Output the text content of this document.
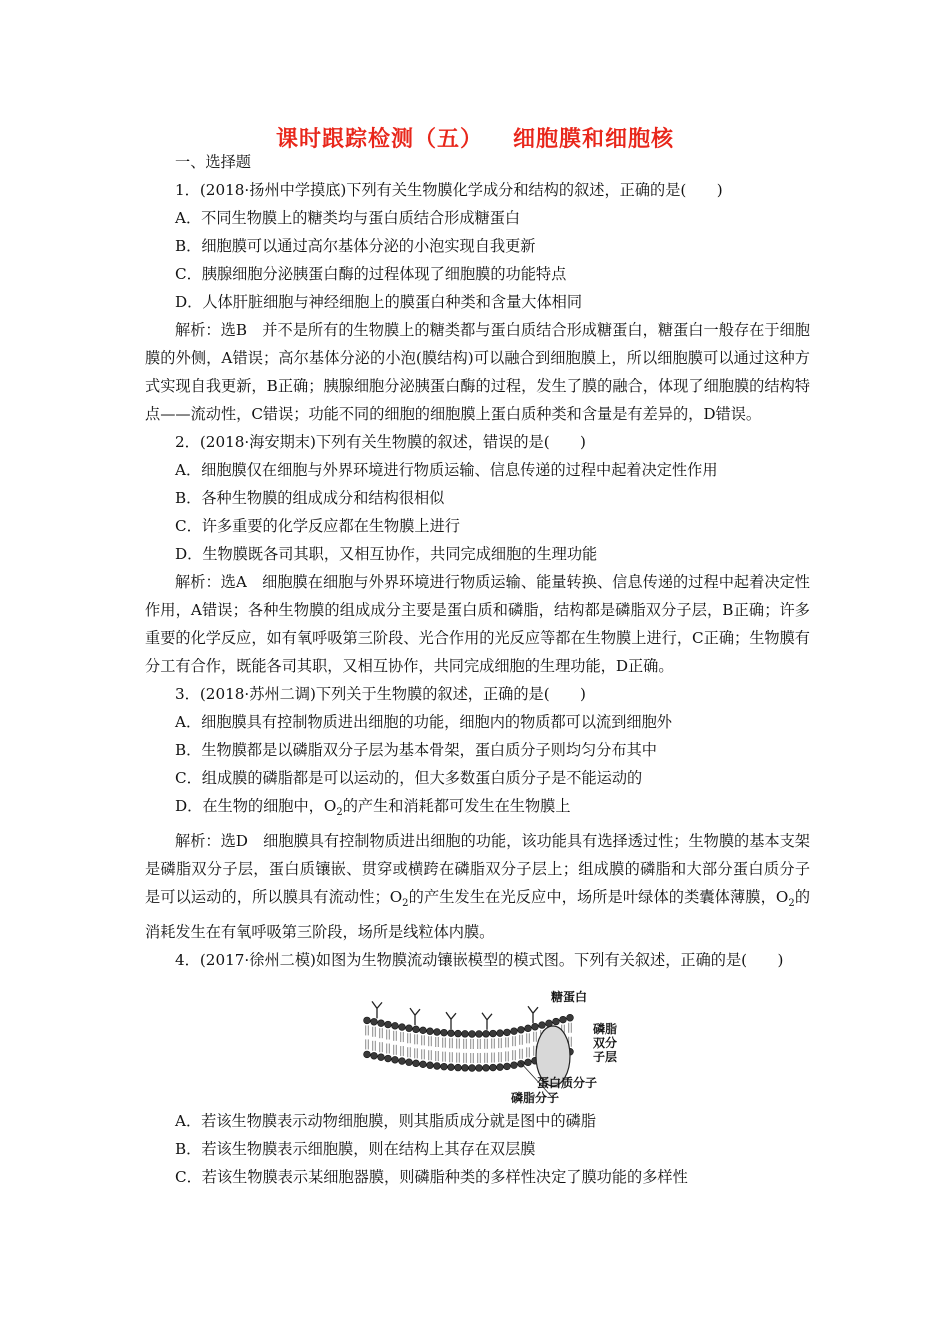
课时跟踪检测（五） 细胞膜和细胞核

一、选择题

1．(2018·扬州中学摸底)下列有关生物膜化学成分和结构的叙述，正确的是(　　)

A．不同生物膜上的糖类均与蛋白质结合形成糖蛋白

B．细胞膜可以通过高尔基体分泌的小泡实现自我更新

C．胰腺细胞分泌胰蛋白酶的过程体现了细胞膜的功能特点

D．人体肝脏细胞与神经细胞上的膜蛋白种类和含量大体相同

解析：选B　并不是所有的生物膜上的糖类都与蛋白质结合形成糖蛋白，糖蛋白一般存在于细胞膜的外侧，A错误；高尔基体分泌的小泡(膜结构)可以融合到细胞膜上，所以细胞膜可以通过这种方式实现自我更新，B正确；胰腺细胞分泌胰蛋白酶的过程，发生了膜的融合，体现了细胞膜的结构特点——流动性，C错误；功能不同的细胞的细胞膜上蛋白质种类和含量是有差异的，D错误。

2．(2018·海安期末)下列有关生物膜的叙述，错误的是(　　)

A．细胞膜仅在细胞与外界环境进行物质运输、信息传递的过程中起着决定性作用

B．各种生物膜的组成成分和结构很相似

C．许多重要的化学反应都在生物膜上进行

D．生物膜既各司其职，又相互协作，共同完成细胞的生理功能

解析：选A　细胞膜在细胞与外界环境进行物质运输、能量转换、信息传递的过程中起着决定性作用，A错误；各种生物膜的组成成分主要是蛋白质和磷脂，结构都是磷脂双分子层，B正确；许多重要的化学反应，如有氧呼吸第三阶段、光合作用的光反应等都在生物膜上进行，C正确；生物膜有分工有合作，既能各司其职，又相互协作，共同完成细胞的生理功能，D正确。

3．(2018·苏州二调)下列关于生物膜的叙述，正确的是(　　)

A．细胞膜具有控制物质进出细胞的功能，细胞内的物质都可以流到细胞外

B．生物膜都是以磷脂双分子层为基本骨架，蛋白质分子则均匀分布其中

C．组成膜的磷脂都是可以运动的，但大多数蛋白质分子是不能运动的

D．在生物的细胞中，$O_2$的产生和消耗都可发生在生物膜上

解析：选D　细胞膜具有控制物质进出细胞的功能，该功能具有选择透过性；生物膜的基本支架是磷脂双分子层，蛋白质镶嵌、贯穿或横跨在磷脂双分子层上；组成膜的磷脂和大部分蛋白质分子是可以运动的，所以膜具有流动性；$O_2$的产生发生在光反应中，场所是叶绿体的类囊体薄膜，$O_2$的消耗发生在有氧呼吸第三阶段，场所是线粒体内膜。

4．(2017·徐州二模)如图为生物膜流动镶嵌模型的模式图。下列有关叙述，正确的是(　　)

糖蛋白
磷脂
双分
子层
蛋白质分子
磷脂分子

A．若该生物膜表示动物细胞膜，则其脂质成分就是图中的磷脂

B．若该生物膜表示细胞膜，则在结构上其存在双层膜

C．若该生物膜表示某细胞器膜，则磷脂种类的多样性决定了膜功能的多样性
